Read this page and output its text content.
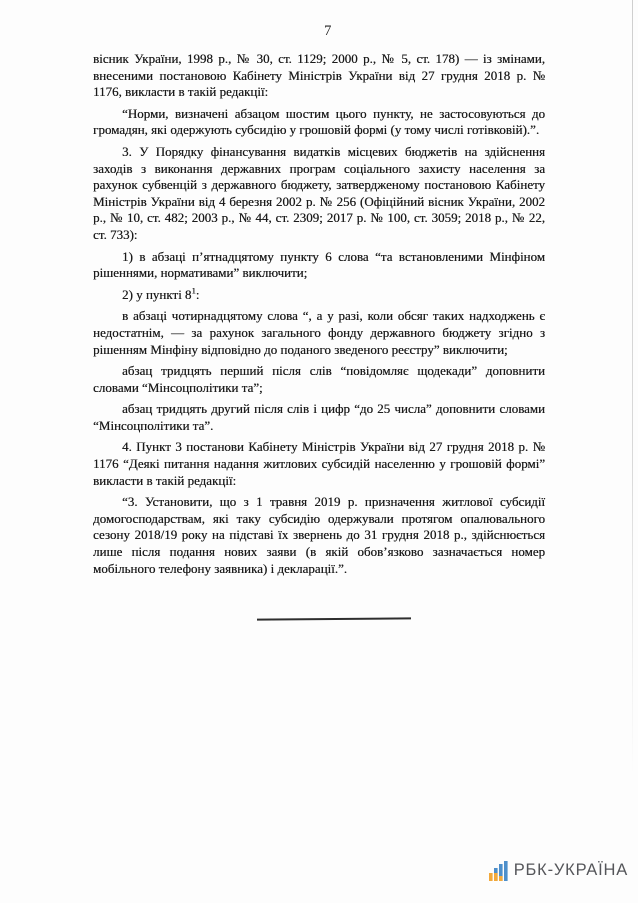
7

вісник України, 1998 р., № 30, ст. 1129; 2000 р., № 5, ст. 178) — із змінами, внесеними постановою Кабінету Міністрів України від 27 грудня 2018 р. № 1176, викласти в такій редакції:

“Норми, визначені абзацом шостим цього пункту, не застосовуються до громадян, які одержують субсидію у грошовій формі (у тому числі готівковій).”.

3. У Порядку фінансування видатків місцевих бюджетів на здійснення заходів з виконання державних програм соціального захисту населення за рахунок субвенцій з державного бюджету, затвердженому постановою Кабінету Міністрів України від 4 березня 2002 р. № 256 (Офіційний вісник України, 2002 р., № 10, ст. 482; 2003 р., № 44, ст. 2309; 2017 р. № 100, ст. 3059; 2018 р., № 22, ст. 733):

1) в абзаці п’ятнадцятому пункту 6 слова “та встановленими Мінфіном рішеннями, нормативами” виключити;

2) у пункті $8^1$:

в абзаці чотирнадцятому слова “, а у разі, коли обсяг таких надходжень є недостатнім, — за рахунок загального фонду державного бюджету згідно з рішенням Мінфіну відповідно до поданого зведеного реєстру” виключити;

абзац тридцять перший після слів “повідомляє щодекади” доповнити словами “Мінсоцполітики та”;

абзац тридцять другий після слів і цифр “до 25 числа” доповнити словами “Мінсоцполітики та”.

4. Пункт 3 постанови Кабінету Міністрів України від 27 грудня 2018 р. № 1176 “Деякі питання надання житлових субсидій населенню у грошовій формі” викласти в такій редакції:

“3. Установити, що з 1 травня 2019 р. призначення житлової субсидії домогосподарствам, які таку субсидію одержували протягом опалювального сезону 2018/19 року на підставі їх звернень до 31 грудня 2018 р., здійснюється лише після подання нових заяви (в якій обов’язково зазначається номер мобільного телефону заявника) і декларації.”.

РБК-УКРАЇНА
